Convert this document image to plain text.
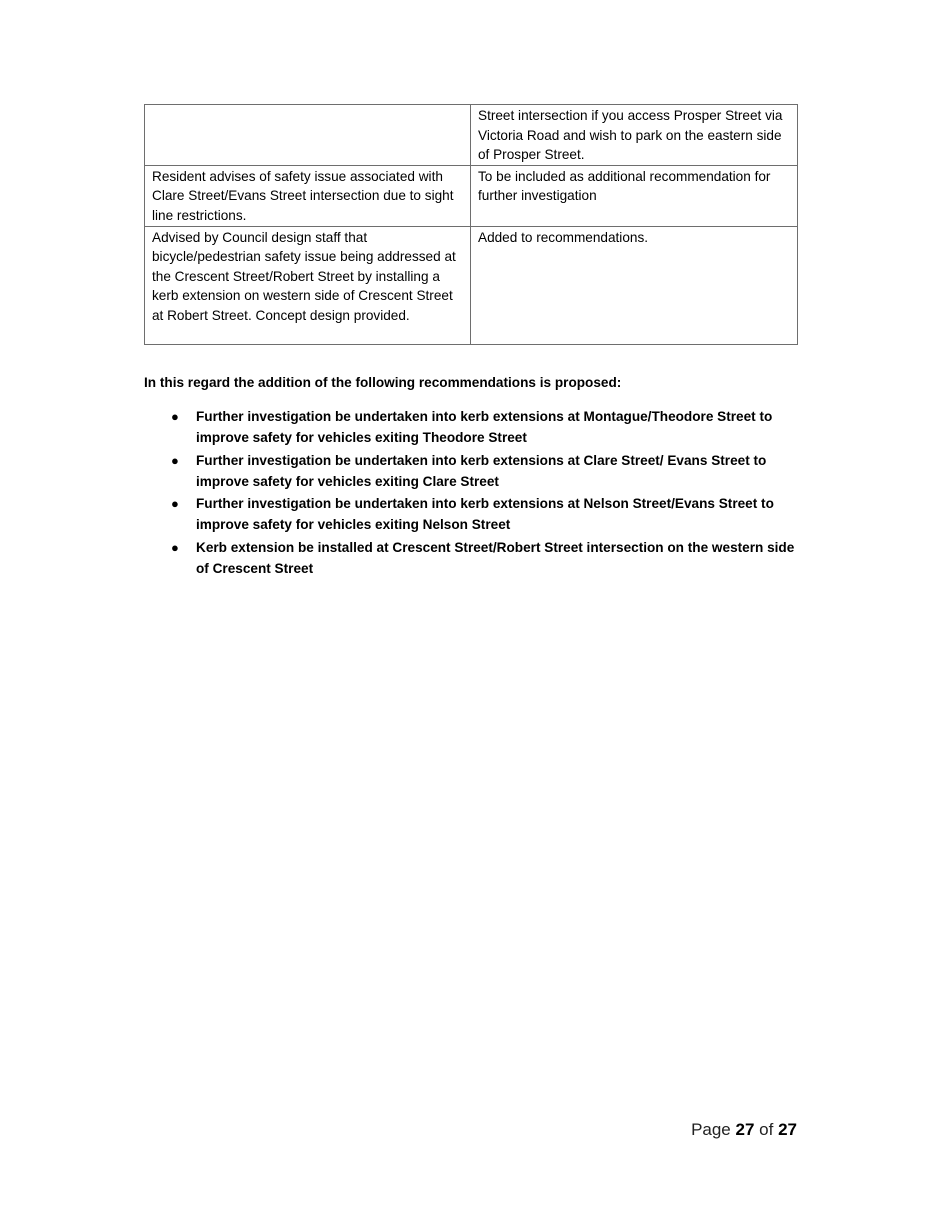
	Street intersection if you access Prosper Street via Victoria Road and wish to park on the eastern side of Prosper Street.
Resident advises of safety issue associated with Clare Street/Evans Street intersection due to sight line restrictions.	To be included as additional recommendation for further investigation
Advised by Council design staff that bicycle/pedestrian safety issue being addressed at the Crescent Street/Robert Street by installing a kerb extension on western side of Crescent Street at Robert Street. Concept design provided.	Added to recommendations.
In this regard the addition of the following recommendations is proposed:
● Further investigation be undertaken into kerb extensions at Montague/Theodore Street to improve safety for vehicles exiting Theodore Street
● Further investigation be undertaken into kerb extensions at Clare Street/ Evans Street to improve safety for vehicles exiting Clare Street
● Further investigation be undertaken into kerb extensions at Nelson Street/Evans Street to improve safety for vehicles exiting Nelson Street
● Kerb extension be installed at Crescent Street/Robert Street intersection on the western side of Crescent Street
Page 27 of 27
